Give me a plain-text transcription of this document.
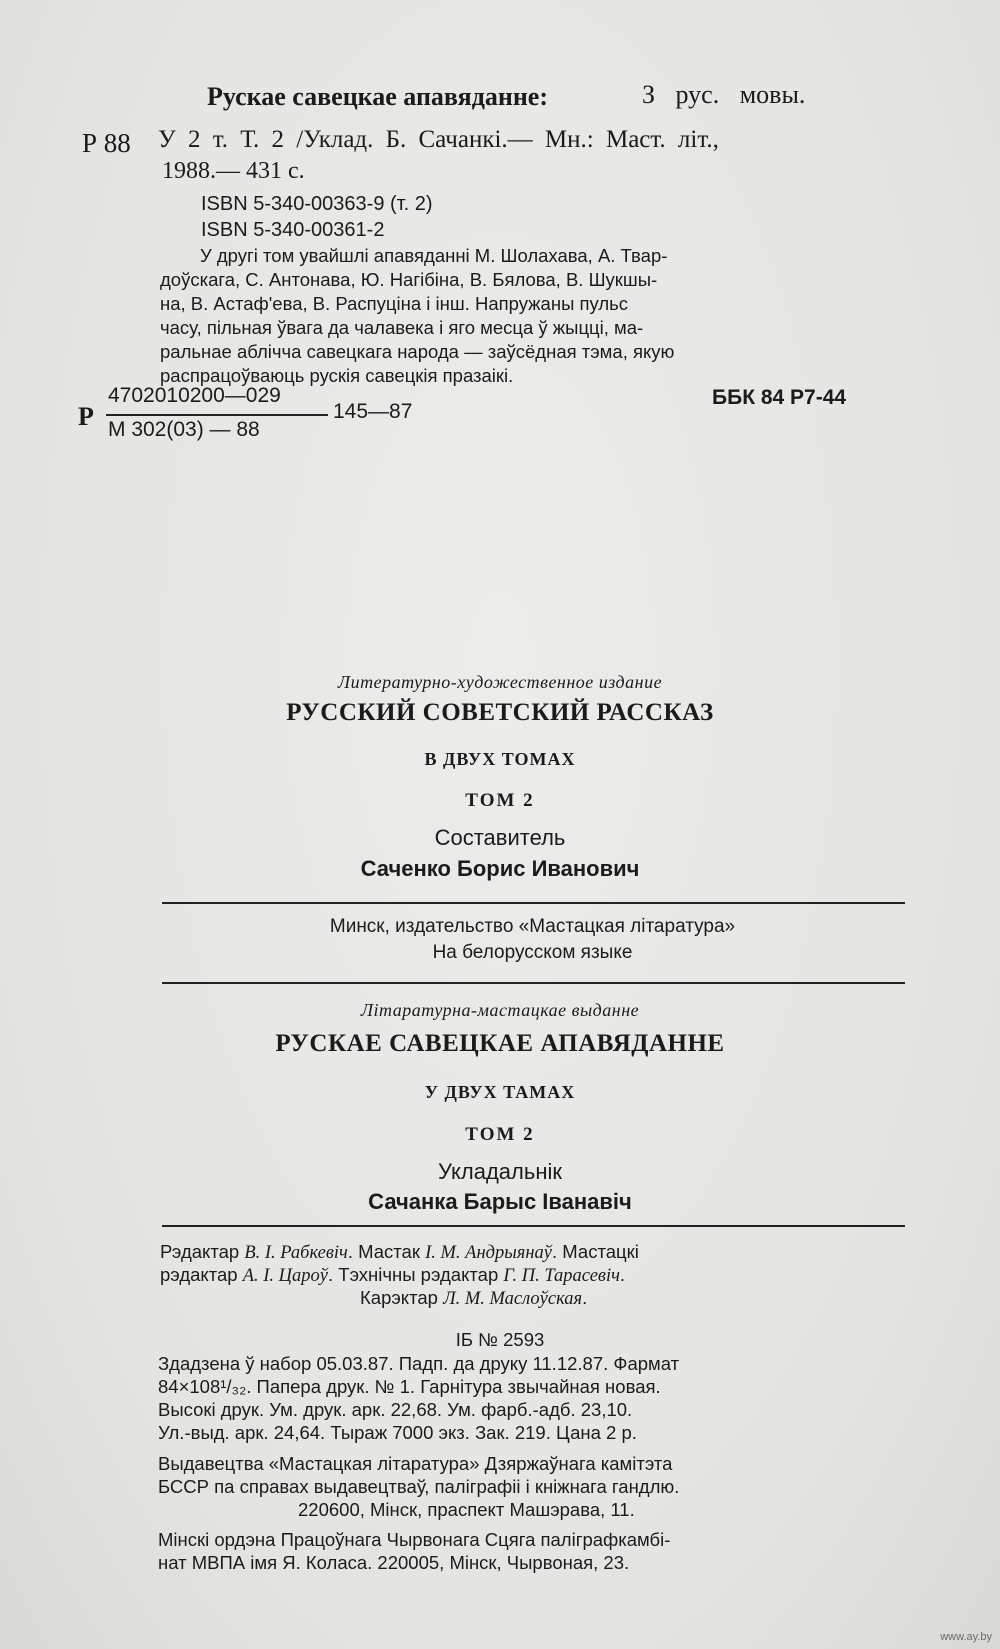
Рускае савецкае апавяданне:	З рус. мовы.
Р 88 У 2 т. Т. 2 /Уклад. Б. Сачанкі.— Мн.: Маст. літ.,
1988.— 431 с.
ISBN 5-340-00363-9 (т. 2)
ISBN 5-340-00361-2
У другі том увайшлі апавяданні М. Шолахава, А. Твар-
доўскага, С. Антонава, Ю. Нагібіна, В. Бялова, В. Шукшы-
на, В. Астаф'ева, В. Распуціна і інш. Напружаны пульс
часу, пільная ўвага да чалавека і яго месца ў жыцці, ма-
ральнае аблічча савецкага народа — заўсёдная тэма, якую
распрацоўваюць рускія савецкія празаікі.
Р
4702010200—029
М 302(03) — 88
145—87
ББК 84 Р7-44
Литературно-художественное издание
РУССКИЙ СОВЕТСКИЙ РАССКАЗ
В ДВУХ ТОМАХ
ТОМ 2
Составитель
Саченко Борис Иванович
Минск, издательство «Мастацкая літаратура»
На белорусском языке
Літаратурна-мастацкае выданне
РУСКАЕ САВЕЦКАЕ АПАВЯДАННЕ
У ДВУХ ТАМАХ
ТОМ 2
Укладальнік
Сачанка Барыс Іванавіч
Рэдактар В. І. Рабкевіч. Мастак І. М. Андрыянаў. Мастацкі
рэдактар А. І. Цароў. Тэхнічны рэдактар Г. П. Тарасевіч.
Карэктар Л. М. Маслоўская.
ІБ № 2593
Здадзена ў набор 05.03.87. Падп. да друку 11.12.87. Фармат
84×108¹/₃₂. Папера друк. № 1. Гарнітура звычайная новая.
Высокі друк. Ум. друк. арк. 22,68. Ум. фарб.-адб. 23,10.
Ул.-выд. арк. 24,64. Тыраж 7000 экз. Зак. 219. Цана 2 р.
Выдавецтва «Мастацкая літаратура» Дзяржаўнага камітэта
БССР па справах выдавецтваў, паліграфіі і кніжнага гандлю.
220600, Мінск, праспект Машэрава, 11.
Мінскі ордэна Працоўнага Чырвонага Сцяга паліграфкамбі-
нат МВПА імя Я. Коласа. 220005, Мінск, Чырвоная, 23.
www.ay.by
